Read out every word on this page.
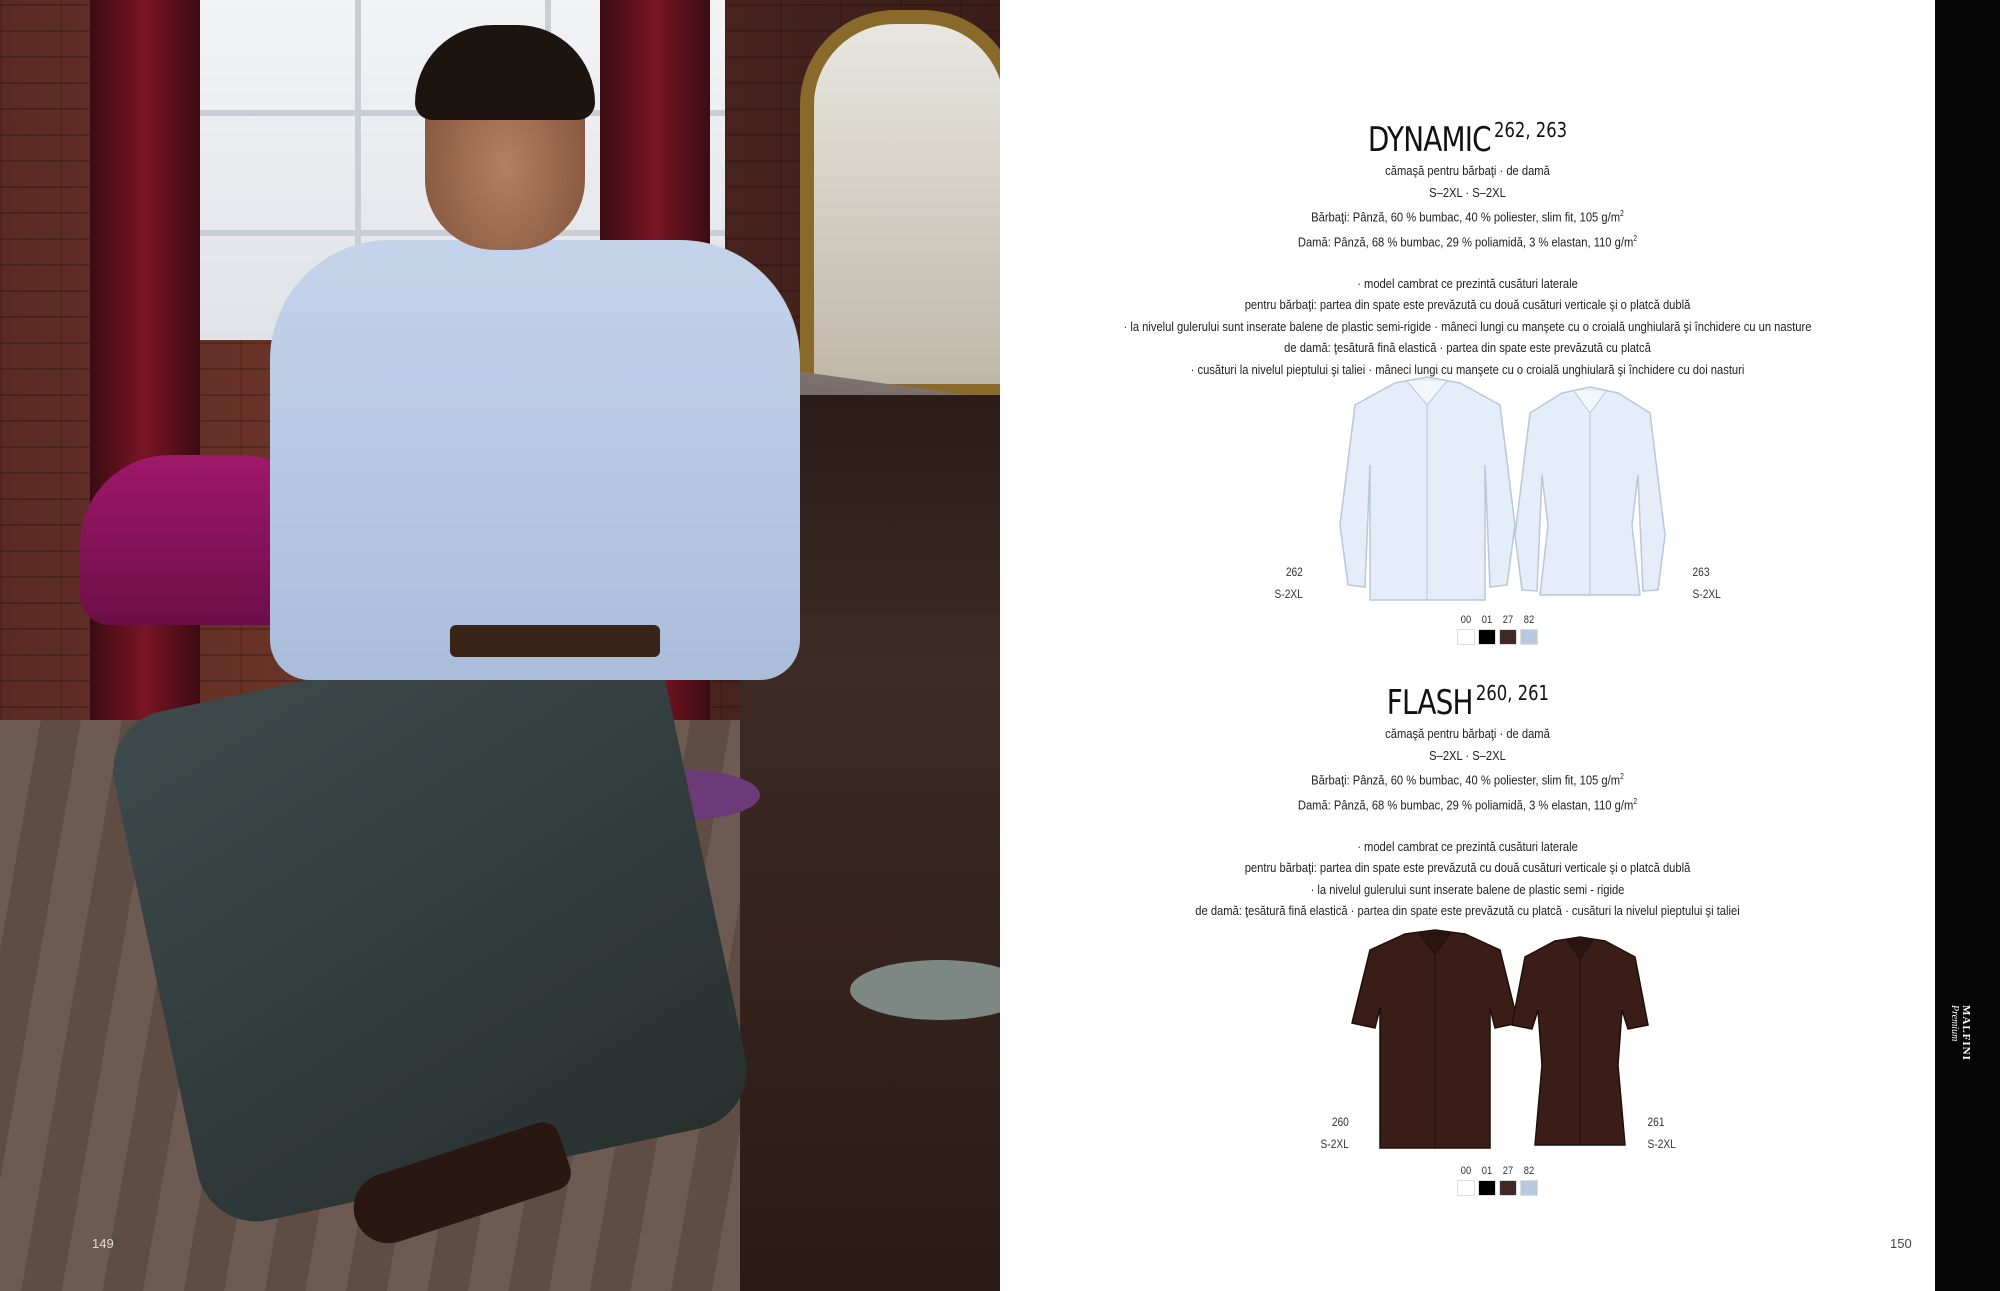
149
DYNAMIC $^{262, 263}$
cămaşă pentru bărbaţi · de damă
S–2XL · S–2XL
Bărbaţi: Pânză, 60 % bumbac, 40 % poliester, slim fit, 105 $g/m^2$
Damă: Pânză, 68 % bumbac, 29 % poliamidă, 3 % elastan, 110 $g/m^2$
· model cambrat ce prezintă cusături laterale
pentru bărbaţi: partea din spate este prevăzută cu două cusături verticale şi o platcă dublă
· la nivelul gulerului sunt inserate balene de plastic semi-rigide · mâneci lungi cu manşete cu o croială unghiulară şi închidere cu un nasture
de damă: ţesătură fină elastică · partea din spate este prevăzută cu platcă
· cusături la nivelul pieptului şi taliei · mâneci lungi cu manşete cu o croială unghiulară şi închidere cu doi nasturi
262
S-2XL
263
S-2XL
00 01 27 82
FLASH $^{260, 261}$
cămaşă pentru bărbaţi · de damă
S–2XL · S–2XL
Bărbaţi: Pânză, 60 % bumbac, 40 % poliester, slim fit, 105 $g/m^2$
Damă: Pânză, 68 % bumbac, 29 % poliamidă, 3 % elastan, 110 $g/m^2$
· model cambrat ce prezintă cusături laterale
pentru bărbaţi: partea din spate este prevăzută cu două cusături verticale şi o platcă dublă
· la nivelul gulerului sunt inserate balene de plastic semi - rigide
de damă: ţesătură fină elastică · partea din spate este prevăzută cu platcă · cusături la nivelul pieptului şi taliei
260
S-2XL
261
S-2XL
00 01 27 82
150
MALFINI
Premium
